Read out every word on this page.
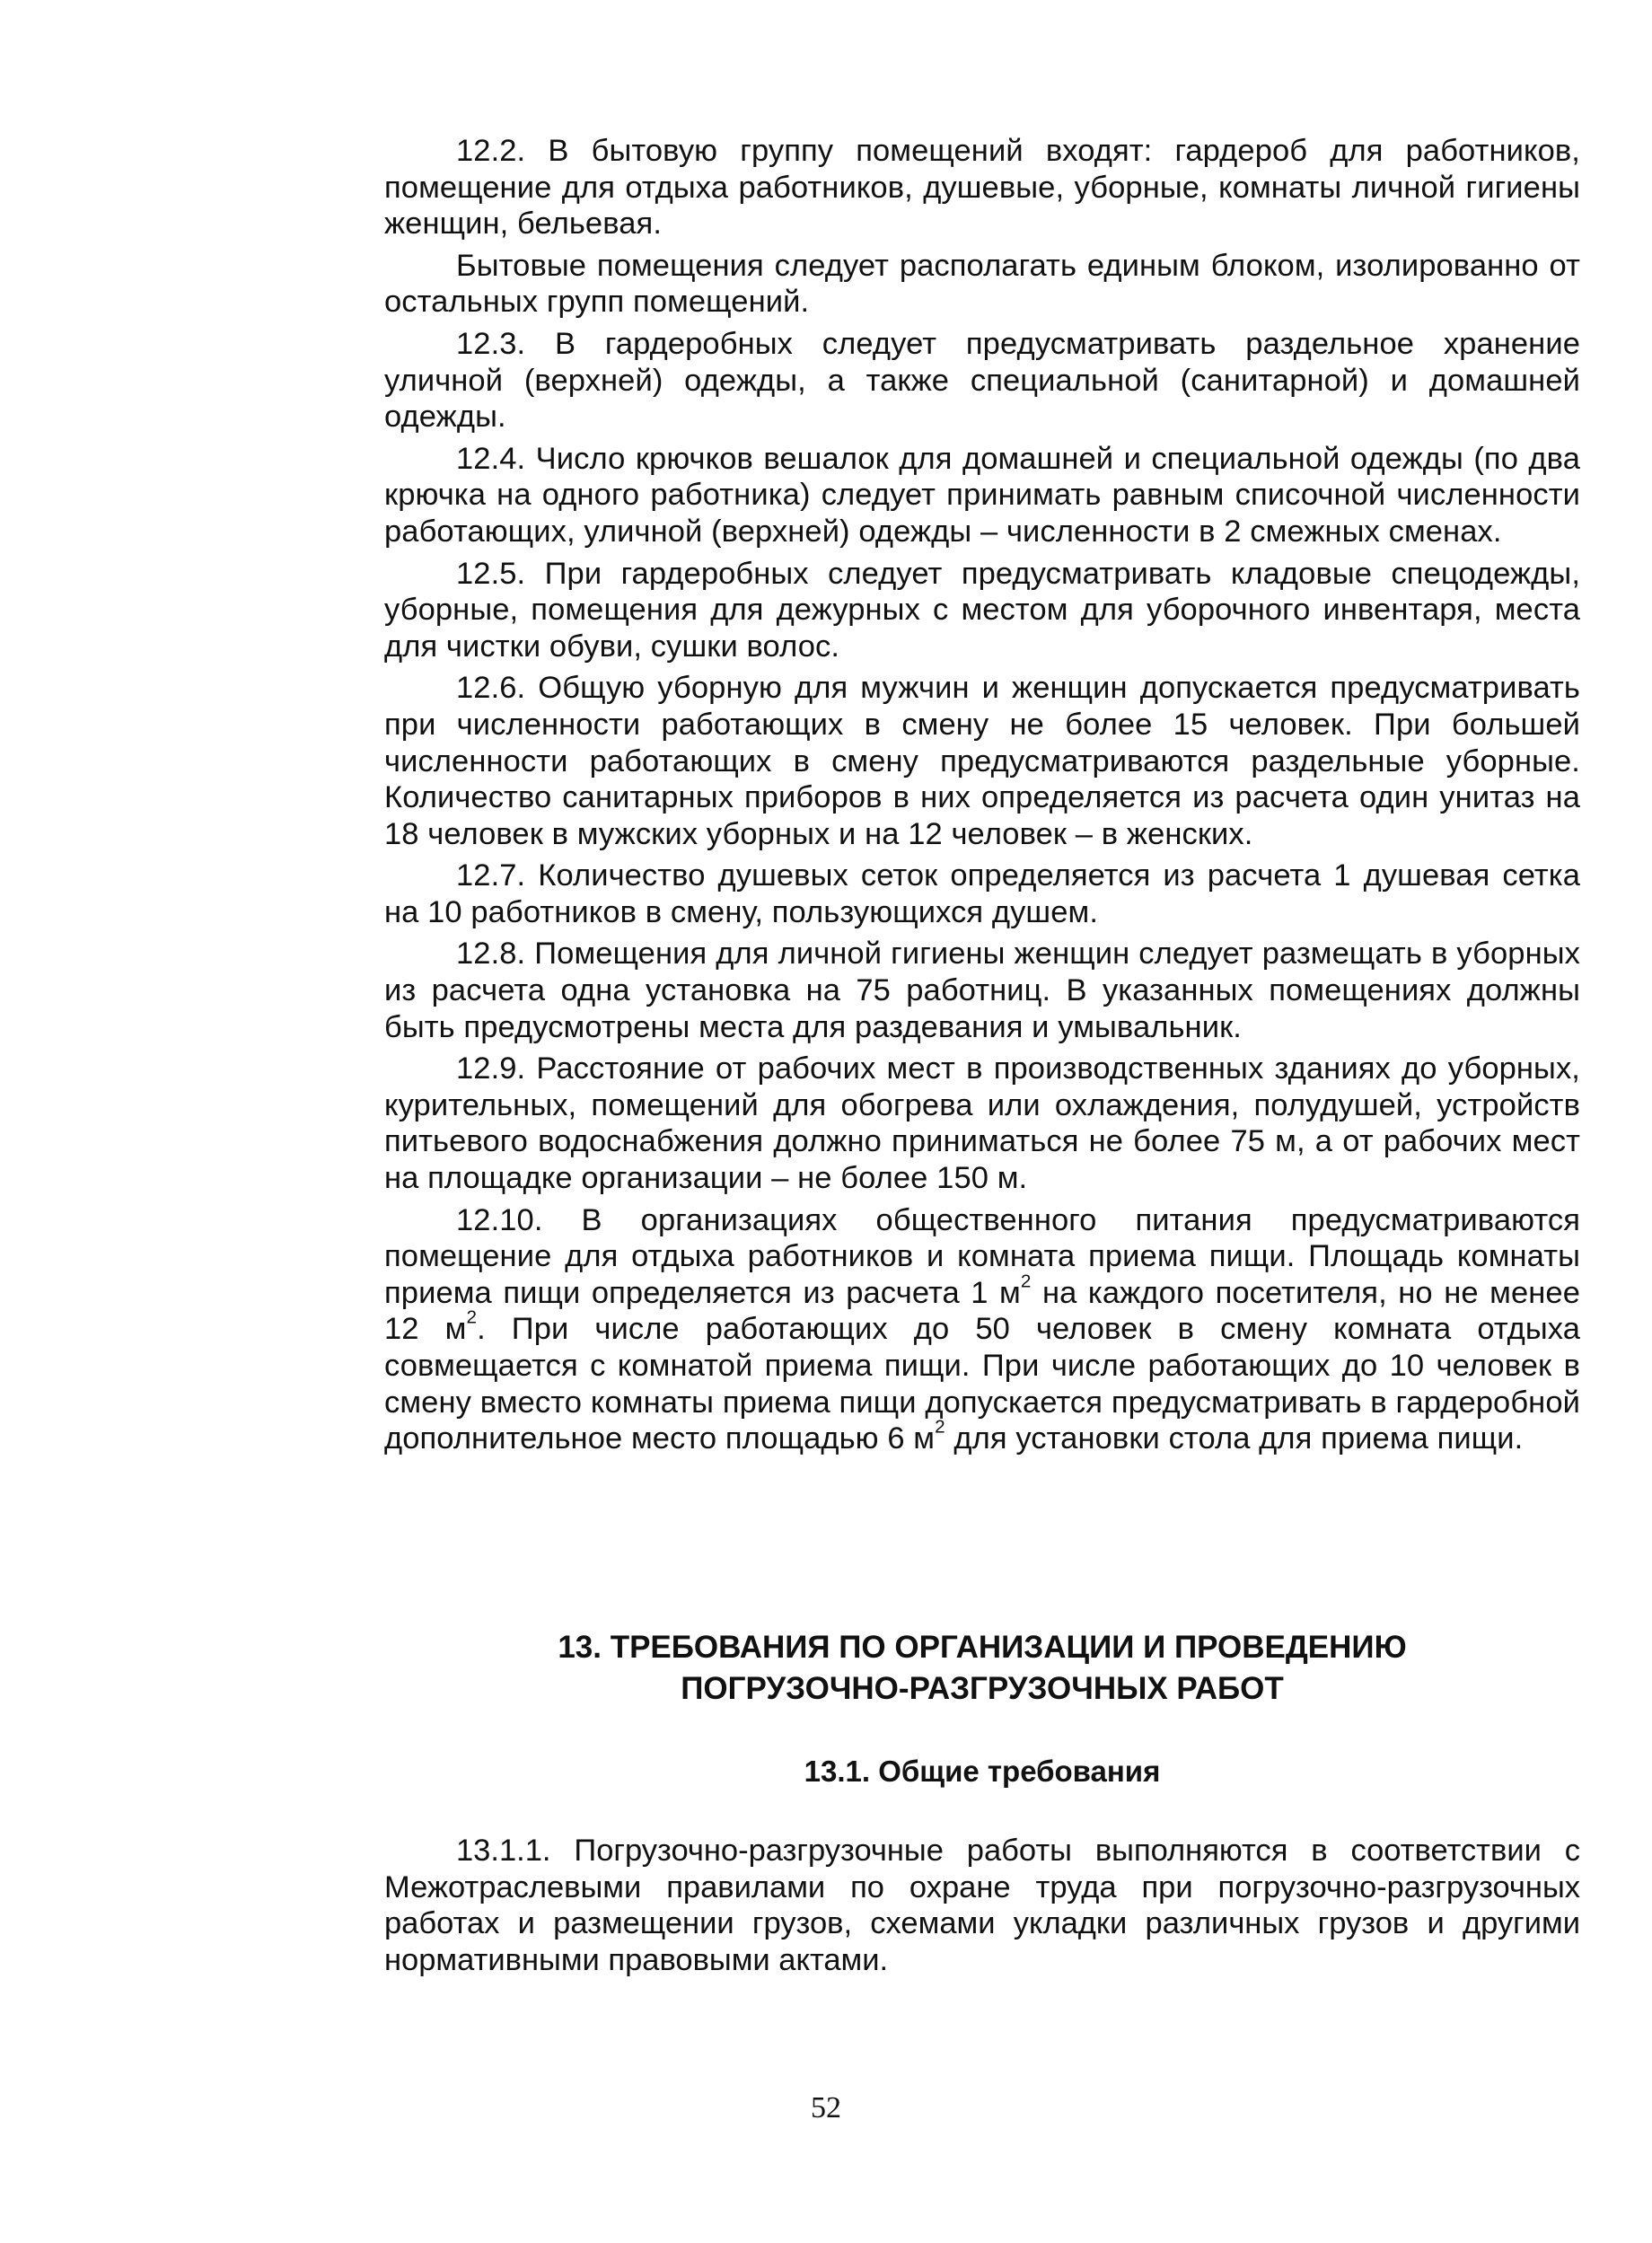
12.2. В бытовую группу помещений входят: гардероб для работников, помещение для отдыха работников, душевые, уборные, комнаты личной гигиены женщин, бельевая.

Бытовые помещения следует располагать единым блоком, изолированно от остальных групп помещений.

12.3. В гардеробных следует предусматривать раздельное хранение уличной (верхней) одежды, а также специальной (санитарной) и домашней одежды.

12.4. Число крючков вешалок для домашней и специальной одежды (по два крючка на одного работника) следует принимать равным списочной численности работающих, уличной (верхней) одежды – численности в 2 смежных сменах.

12.5. При гардеробных следует предусматривать кладовые спецодежды, уборные, помещения для дежурных с местом для уборочного инвентаря, места для чистки обуви, сушки волос.

12.6. Общую уборную для мужчин и женщин допускается предусматривать при численности работающих в смену не более 15 человек. При большей численности работающих в смену предусматриваются раздельные уборные. Количество санитарных приборов в них определяется из расчета один унитаз на 18 человек в мужских уборных и на 12 человек – в женских.

12.7. Количество душевых сеток определяется из расчета 1 душевая сетка на 10 работников в смену, пользующихся душем.

12.8. Помещения для личной гигиены женщин следует размещать в уборных из расчета одна установка на 75 работниц. В указанных помещениях должны быть предусмотрены места для раздевания и умывальник.

12.9. Расстояние от рабочих мест в производственных зданиях до уборных, курительных, помещений для обогрева или охлаждения, полудушей, устройств питьевого водоснабжения должно приниматься не более 75 м, а от рабочих мест на площадке организации – не более 150 м.

12.10. В организациях общественного питания предусматриваются помещение для отдыха работников и комната приема пищи. Площадь комнаты приема пищи определяется из расчета 1 $м^2$ на каждого посетителя, но не менее 12 $м^2$. При числе работающих до 50 человек в смену комната отдыха совмещается с комнатой приема пищи. При числе работающих до 10 человек в смену вместо комнаты приема пищи допускается предусматривать в гардеробной дополнительное место площадью 6 $м^2$ для установки стола для приема пищи.

13. ТРЕБОВАНИЯ ПО ОРГАНИЗАЦИИ И ПРОВЕДЕНИЮ
ПОГРУЗОЧНО-РАЗГРУЗОЧНЫХ РАБОТ
13.1. Общие требования

13.1.1. Погрузочно-разгрузочные работы выполняются в соответствии с Межотраслевыми правилами по охране труда при погрузочно-разгрузочных работах и размещении грузов, схемами укладки различных грузов и другими нормативными правовыми актами.

52
